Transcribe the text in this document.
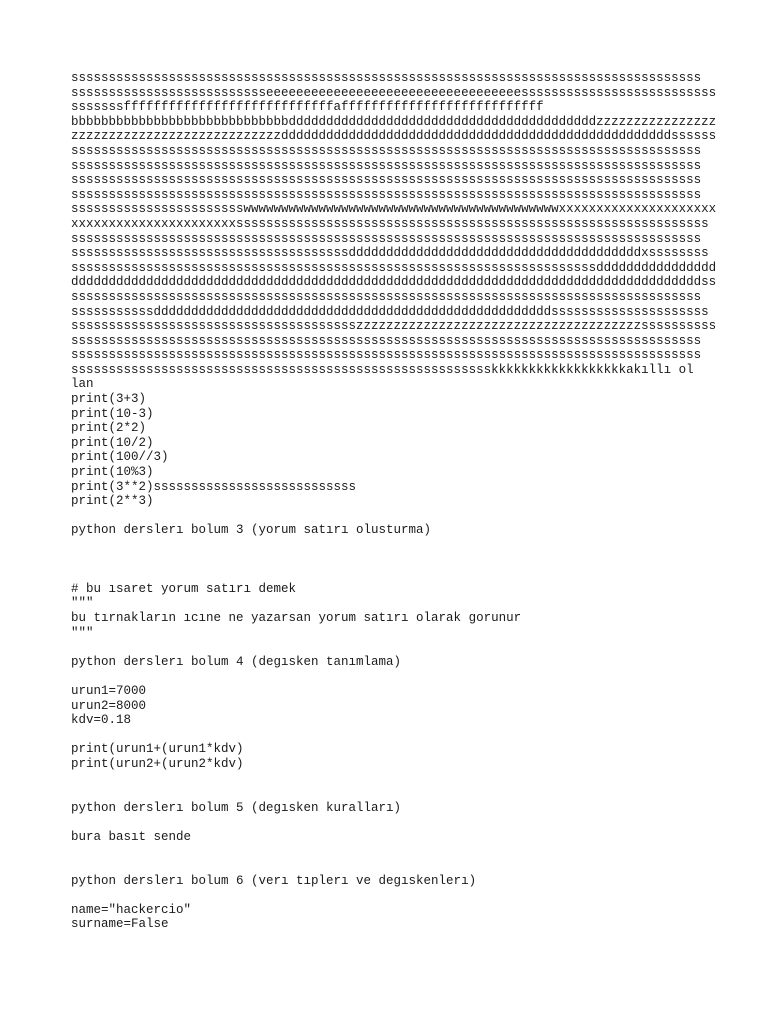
ssssssssssssssssssssssssssssssssssssssssssssssssssssssssssssssssssssssssssssssssssss
sssssssssssssssssssssssssseeeeeeeeeeeeeeeeeeeeeeeeeeeeeeeeeessssssssssssssssssssssssss
sssssssffffffffffffffffffffffffffffafffffffffffffffffffffffffff
bbbbbbbbbbbbbbbbbbbbbbbbbbbbbdddddddddddddddddddddddddddddddddddddddddzzzzzzzzzzzzzzzz
zzzzzzzzzzzzzzzzzzzzzzzzzzzzddddddddddddddddddddddddddddddddddddddddddddddddddddssssss
ssssssssssssssssssssssssssssssssssssssssssssssssssssssssssssssssssssssssssssssssssss
ssssssssssssssssssssssssssssssssssssssssssssssssssssssssssssssssssssssssssssssssssss
ssssssssssssssssssssssssssssssssssssssssssssssssssssssssssssssssssssssssssssssssssss
ssssssssssssssssssssssssssssssssssssssssssssssssssssssssssssssssssssssssssssssssssss
ssssssssssssssssssssssswwwwwwwwwwwwwwwwwwwwwwwwwwwwwwwwwwwwwwwwwwxxxxxxxxxxxxxxxxxxxxx
xxxxxxxxxxxxxxxxxxxxxxsssssssssssssssssssssssssssssssssssssssssssssssssssssssssssssss
ssssssssssssssssssssssssssssssssssssssssssssssssssssssssssssssssssssssssssssssssssss
sssssssssssssssssssssssssssssssssssssdddddddddddddddddddddddddddddddddddddddxssssssss
ssssssssssssssssssssssssssssssssssssssssssssssssssssssssssssssssssssssdddddddddddddddd
ddddddddddddddddddddddddddddddddddddddddddddddddddddddddddddddddddddddddddddddddddddss
ssssssssssssssssssssssssssssssssssssssssssssssssssssssssssssssssssssssssssssssssssss
sssssssssssdddddddddddddddddddddddddddddddddddddddddddddddddddddsssssssssssssssssssss
sssssssssssssssssssssssssssssssssssssszzzzzzzzzzzzzzzzzzzzzzzzzzzzzzzzzzzzzzssssssssss
ssssssssssssssssssssssssssssssssssssssssssssssssssssssssssssssssssssssssssssssssssss
ssssssssssssssssssssssssssssssssssssssssssssssssssssssssssssssssssssssssssssssssssss
sssssssssssssssssssssssssssssssssssssssssssssssssssssssskkkkkkkkkkkkkkkkkkakıllı ol
lan
print(3+3)
print(10-3)
print(2*2)
print(10/2)
print(100//3)
print(10%3)
print(3**2)sssssssssssssssssssssssssss
print(2**3)
python derslerı bolum 3 (yorum satırı olusturma)
# bu ısaret yorum satırı demek
"""
bu tırnakların ıcıne ne yazarsan yorum satırı olarak gorunur
"""
python derslerı bolum 4 (degısken tanımlama)
urun1=7000
urun2=8000
kdv=0.18
print(urun1+(urun1*kdv)
print(urun2+(urun2*kdv)
python derslerı bolum 5 (degısken kuralları)
bura basıt sende
python derslerı bolum 6 (verı tıplerı ve degıskenlerı)
name="hackercio"
surname=False
